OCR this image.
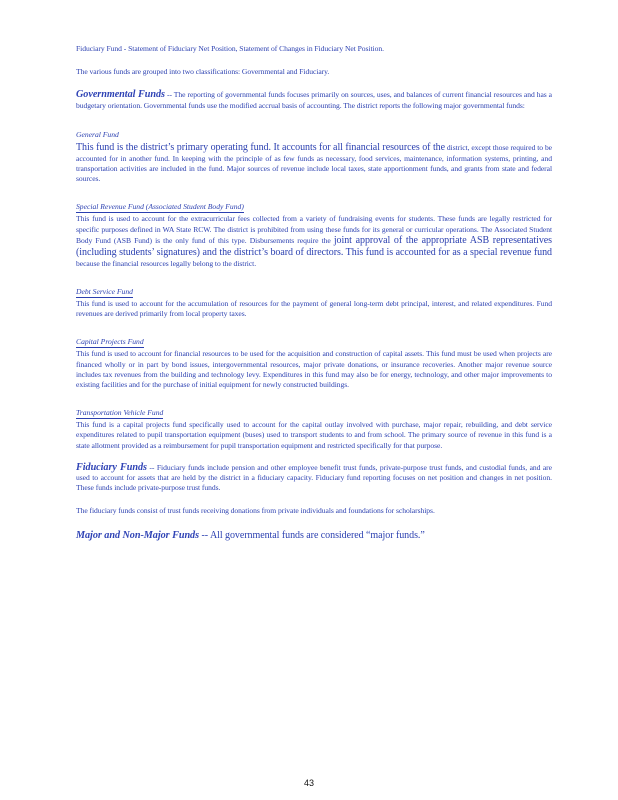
Fiduciary Fund - Statement of Fiduciary Net Position, Statement of Changes in Fiduciary Net Position.

The various funds are grouped into two classifications: Governmental and Fiduciary.

Governmental Funds -- The reporting of governmental funds focuses primarily on sources, uses, and balances of current financial resources and has a budgetary orientation. Governmental funds use the modified accrual basis of accounting. The district reports the following major governmental funds:

General Fund

This fund is the district’s primary operating fund. It accounts for all financial resources of the district, except those required to be accounted for in another fund. In keeping with the principle of as few funds as necessary, food services, maintenance, information systems, printing, and transportation activities are included in the fund. Major sources of revenue include local taxes, state apportionment funds, and grants from state and federal sources.

Special Revenue Fund (Associated Student Body Fund)

This fund is used to account for the extracurricular fees collected from a variety of fundraising events for students. These funds are legally restricted for specific purposes defined in WA State RCW. The district is prohibited from using these funds for its general or curricular operations. The Associated Student Body Fund (ASB Fund) is the only fund of this type. Disbursements require the joint approval of the appropriate ASB representatives (including students’ signatures) and the district’s board of directors. This fund is accounted for as a special revenue fund because the financial resources legally belong to the district.

Debt Service Fund

This fund is used to account for the accumulation of resources for the payment of general long-term debt principal, interest, and related expenditures. Fund revenues are derived primarily from local property taxes.

Capital Projects Fund

This fund is used to account for financial resources to be used for the acquisition and construction of capital assets. This fund must be used when projects are financed wholly or in part by bond issues, intergovernmental resources, major private donations, or insurance recoveries. Another major revenue source includes tax revenues from the building and technology levy. Expenditures in this fund may also be for energy, technology, and other major improvements to existing facilities and for the purchase of initial equipment for newly constructed buildings.

Transportation Vehicle Fund

This fund is a capital projects fund specifically used to account for the capital outlay involved with purchase, major repair, rebuilding, and debt service expenditures related to pupil transportation equipment (buses) used to transport students to and from school. The primary source of revenue in this fund is a state allotment provided as a reimbursement for pupil transportation equipment and restricted specifically for that purpose.

Fiduciary Funds -- Fiduciary funds include pension and other employee benefit trust funds, private-purpose trust funds, and custodial funds, and are used to account for assets that are held by the district in a fiduciary capacity. Fiduciary fund reporting focuses on net position and changes in net position. These funds include private-purpose trust funds.

The fiduciary funds consist of trust funds receiving donations from private individuals and foundations for scholarships.

Major and Non-Major Funds -- All governmental funds are considered “major funds.”

43
